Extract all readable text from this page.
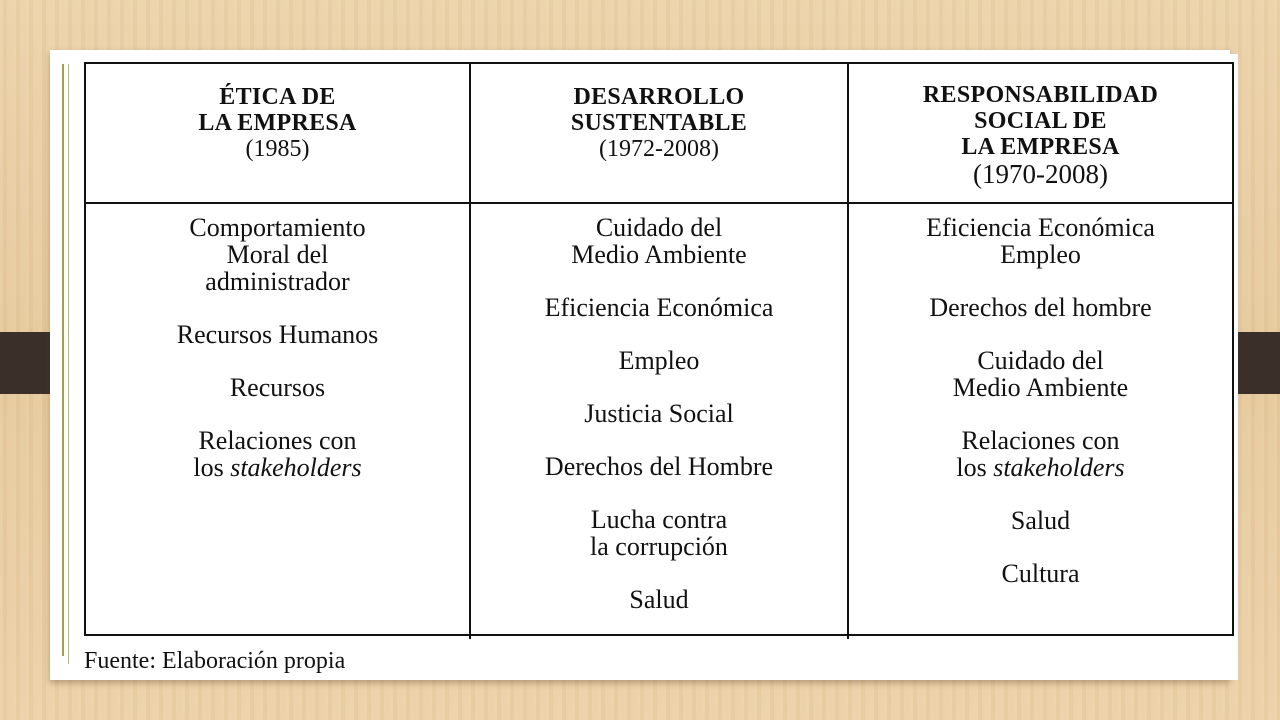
ÉTICA DE
LA EMPRESA
(1985)
DESARROLLO
SUSTENTABLE
(1972-2008)
RESPONSABILIDAD
SOCIAL DE
LA EMPRESA
(1970-2008)
Comportamiento
Moral del
administrador
Recursos Humanos
Recursos
Relaciones con
los stakeholders
Cuidado del
Medio Ambiente
Eficiencia Económica
Empleo
Justicia Social
Derechos del Hombre
Lucha contra
la corrupción
Salud
Eficiencia Económica
Empleo
Derechos del hombre
Cuidado del
Medio Ambiente
Relaciones con
los stakeholders
Salud
Cultura
Fuente: Elaboración propia
